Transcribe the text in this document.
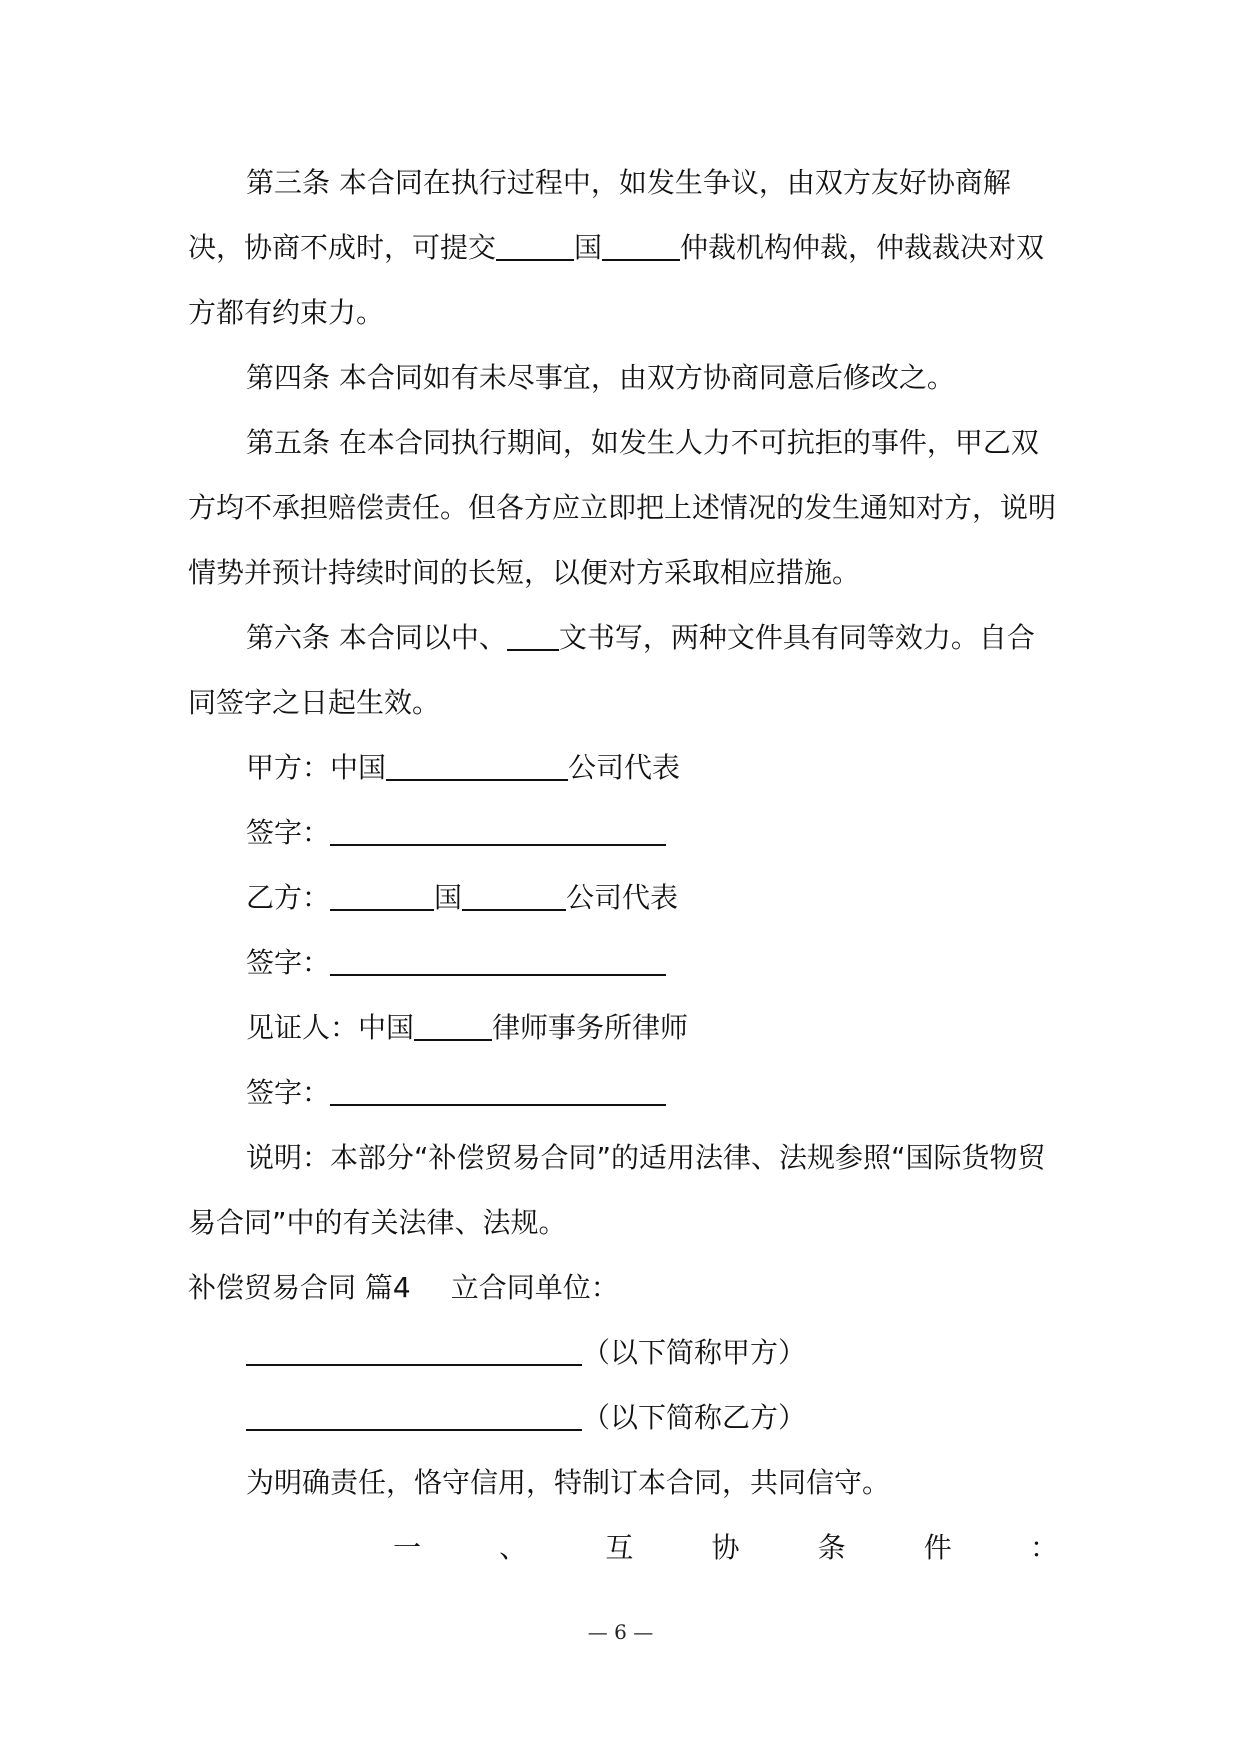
第三条 本合同在执行过程中，如发生争议，由双方友好协商解决，协商不成时，可提交	国	仲裁机构仲裁，仲裁裁决对双方都有约束力。

第四条 本合同如有未尽事宜，由双方协商同意后修改之。

第五条 在本合同执行期间，如发生人力不可抗拒的事件，甲乙双方均不承担赔偿责任。但各方应立即把上述情况的发生通知对方，说明情势并预计持续时间的长短，以便对方采取相应措施。

第六条 本合同以中、 文书写，两种文件具有同等效力。自合同签字之日起生效。

甲方：中国	公司代表

签字：

乙方：	国	公司代表

签字：

见证人：中国	律师事务所律师

签字：

说明：本部分“补偿贸易合同”的适用法律、法规参照“国际货物贸易合同”中的有关法律、法规。

补偿贸易合同 篇4 立合同单位：

（以下简称甲方）

（以下简称乙方）

为明确责任，恪守信用，特制订本合同，共同信守。

一	、	互	协	条	件	：

— 6 —
